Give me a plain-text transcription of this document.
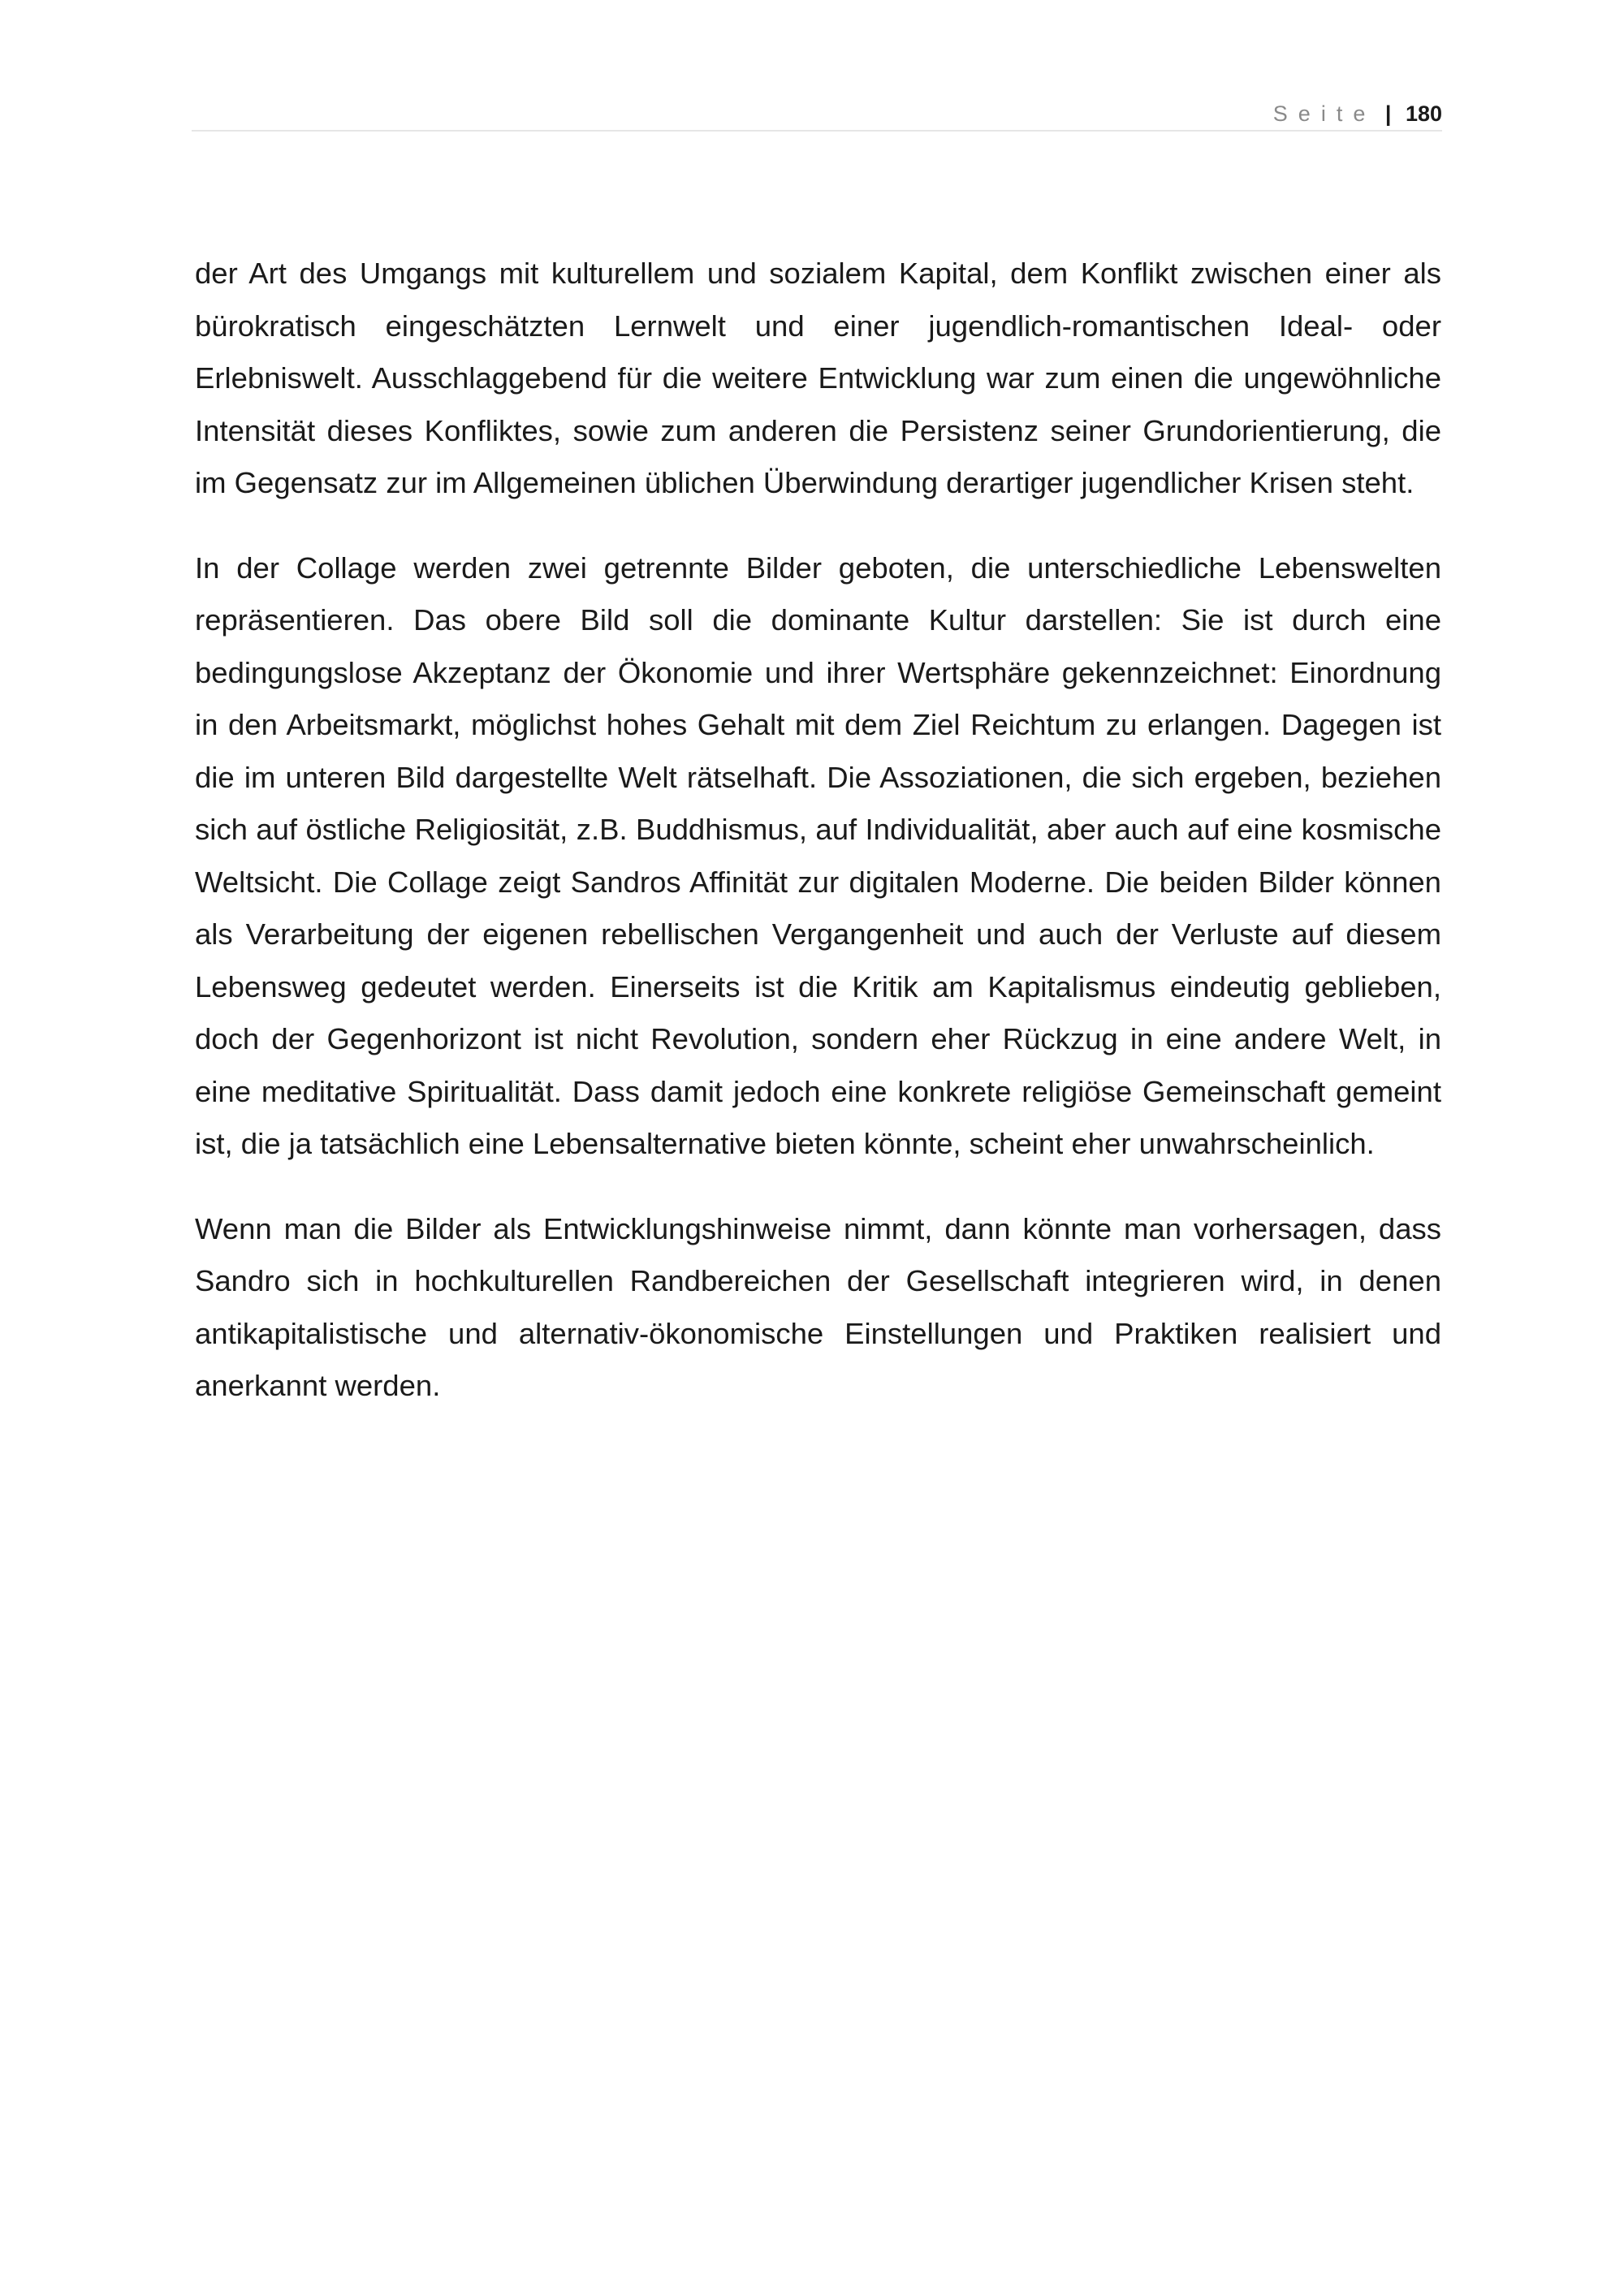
Seite | 180

der Art des Umgangs mit kulturellem und sozialem Kapital, dem Konflikt zwischen einer als bürokratisch eingeschätzten Lernwelt und einer jugendlich-romantischen Ideal- oder Erlebniswelt. Ausschlaggebend für die weitere Entwicklung war zum einen die ungewöhnliche Intensität dieses Konfliktes, sowie zum anderen die Persistenz seiner Grundorientierung, die im Gegensatz zur im Allgemeinen üblichen Überwindung derartiger jugendlicher Krisen steht.

In der Collage werden zwei getrennte Bilder geboten, die unterschiedliche Lebenswelten repräsentieren. Das obere Bild soll die dominante Kultur darstellen: Sie ist durch eine bedingungslose Akzeptanz der Ökonomie und ihrer Wertsphäre gekennzeichnet: Einordnung in den Arbeitsmarkt, möglichst hohes Gehalt mit dem Ziel Reichtum zu erlangen. Dagegen ist die im unteren Bild dargestellte Welt rätselhaft. Die Assoziationen, die sich ergeben, beziehen sich auf östliche Religiosität, z.B. Buddhismus, auf Individualität, aber auch auf eine kosmische Weltsicht. Die Collage zeigt Sandros Affinität zur digitalen Moderne. Die beiden Bilder können als Verarbeitung der eigenen rebellischen Vergangenheit und auch der Verluste auf diesem Lebensweg gedeutet werden. Einerseits ist die Kritik am Kapitalismus eindeutig geblieben, doch der Gegenhorizont ist nicht Revolution, sondern eher Rückzug in eine andere Welt, in eine meditative Spiritualität. Dass damit jedoch eine konkrete religiöse Gemeinschaft gemeint ist, die ja tatsächlich eine Lebensalternative bieten könnte, scheint eher unwahrscheinlich.

Wenn man die Bilder als Entwicklungshinweise nimmt, dann könnte man vorhersagen, dass Sandro sich in hochkulturellen Randbereichen der Gesellschaft integrieren wird, in denen antikapitalistische und alternativ-ökonomische Einstellungen und Praktiken realisiert und anerkannt werden.
